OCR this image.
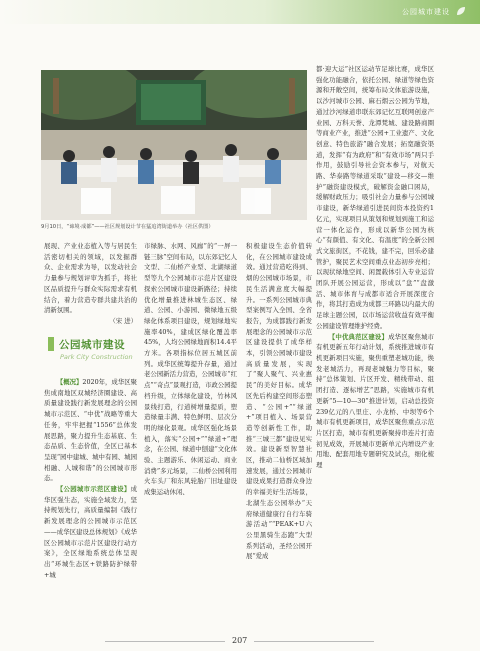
公园城市建设
9月10日，“谛境·成都”——社区规划设计节在猛追湾街道举办（社区供图）

展现、产业业态植入等与居民生活密切相关的领域，以发掘群众、企业需求为导，以发动社会力量参与规划评审为抓手，将社区品质提升与群众实际需求有机结合，着力营造专群共建共治的清新氛围。

（宋 进）

公园城市建设
Park City Construction

【概况】2020年，成华区聚焦成南地区双城经济圈建设、高质量建设践行新发展理念的公园城市示范区、“中优”战略等重大任务，牢牢把握“1556”总体发展思路，聚力提升生态基底、生态品质、生态价值，全区已基本呈现“园中建城、城中有园、城园相融、人城和谐”的公园城市形态。

【公园城市示范区建设】成华区强生态，实施全域发力，坚持规划先行，高质量编制《践行新发展理念的公园城市示范区——成华区建设总体规划》《成华区公园城市示范片区建设行动方案》，全区绿地系统总体呈现出“环城生态区+铁路防护绿带+城

市绿脉、水网、风廊”的“一屏一链三脉”空间布局，以东郊记忆人文型、二仙桥产业型、北湖绿道型等九个公园城市示范片区建设探索公园城市建设新路径；持续优化增量推进林城生态区、绿道、公园、小游园、微绿地五级绿化体系项目建设，规划绿地实施率40%，建成区绿化覆盖率45%，人均公园绿地面积14.4平方米。各项指标位居五城区前列。成华区统筹提升存量，通过老公园新活力营造，公园城市“红点”“奇点”景观打造，市政公园提档升级，立体绿化建设，竹林风景线打造，行道树增量提质，塑造绿量丰满、特色鲜明、层次分明的绿化景观。成华区强化场景植入，落实“公园+”“绿道+”理念，在公园、绿道中刨建“文化体验、主题游乐、休闲运动、商业消费”多元场景，二仙桥公园利用火车头厂和东风轮胎厂旧址建设成集运动休闲、

积极建设生态价值转化，在公园城市建设成效。通过营造吃得到、烟的公园城市场景，市民生活满意度大幅提升。一系列公园城市典型案例写入全国、全省报告，为成都践行新发展理念的公园城市示范区建设提供了成华样本，引领公园城市建设高质量发展，实现了“聚人聚气、兴业惠民”的美好目标。成华区先后构建空间形态塑造、“公园+”“绿道+”项目植入、场景营造等创新性工作，助推“三城三都”建设见实效。建设新型智慧社区，推动二仙桥区域加速发展，通过公园城市建设成果打造群众身边的幸福美好生活场景，北湖生态公园举办“天府绿道健康行自行车骑游活动”“PEAK+U六公里黑骑生态跑”大型系列活动，圣经公园开展“爱成

都·迎大运”社区运动节足球比赛，成华区强化功能融合，依托公园、绿道等绿色资源和开敞空间，统筹布局文体旅游设施，以沙河城市公园、麻石烟云公园为节地，通过沙河绿道串联东郊记忆互联网创意产业园、万科天誉、龙潭梵城、建设路商圈等商业产业，推进“公园+工业遗产、文化创意、特色旅游”融合发展；拓宽融资渠道，发挥“有为政府”和“有效市场”两只手作用，鼓励引导社会资本参与，对航天路、华泰路等绿道采取“建设—移交—维护”融资建设模式，破解资金融口困局，缓解财政压力；吸引社会力量参与公园城市建设，新华绿道引进民间资本投资约1亿元，实现项目从策划和规划到施工和运营一体化运作，形成以新华公园为核心“有颜值、有文化、有温度”的全新公园式文旅街区，不花钱，建不完，回乐必建管护，聚民艺术空间重点业态初步亮相；以现状绿地空间、闲置载体引入专业运营团队开展公园运营，形成以“盘”“盘激活、城市体育与成都市适合开展深度合作，将其打造成为成都三环路以内最大的足球主题公园，以市场运营收益有效平衡公园建设管理维护经费。

【中优典范区建设】成华区聚焦城市有机更新五年行动计划，系统推进城市有机更新项目实施，聚焦重塑老城功能，焕发老城活力，再现老城魅力等目标，聚持“总体策划、片区开发、精线带动、组团打造、逐标增艺”思路，实施城市有机更新“5—10—30”推进计划，启动总投资239亿元的八里庄、小龙桥、中坝等6个城市有机更新项目，成华区聚焦重点示范片区打造，城市有机更新聚持串连片打造初见成效，开展城市更新单元内增设产业用地、配套用地专题研究及试点，细化梳理

207
